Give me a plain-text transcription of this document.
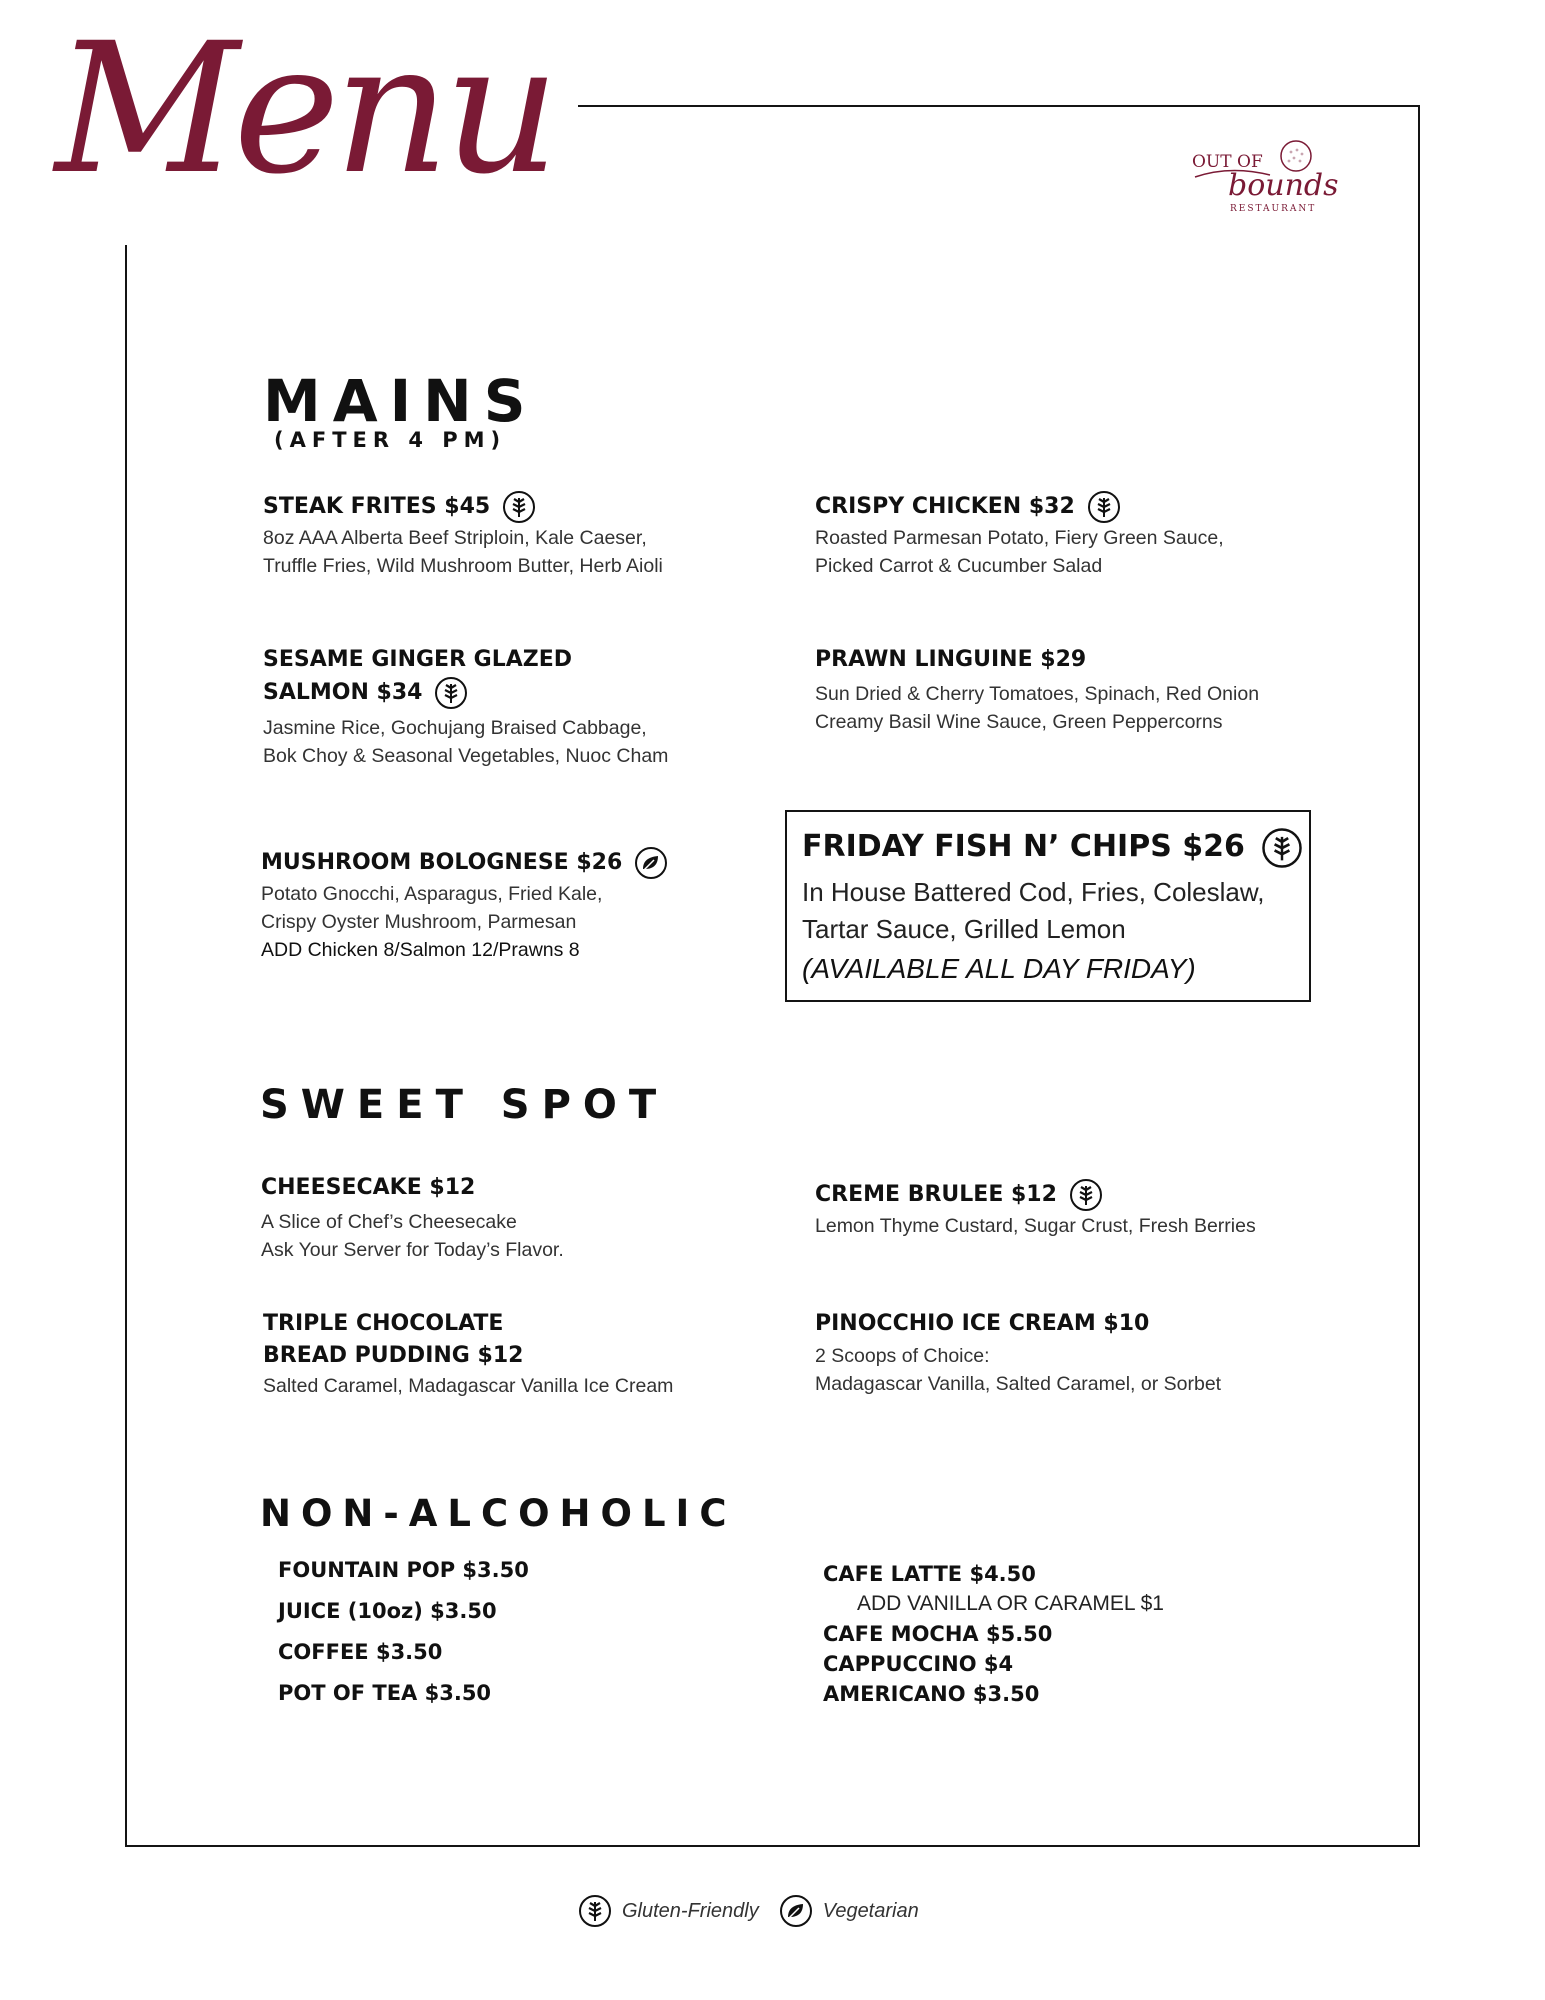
Menu	OUT OF
bounds
RESTAURANT
MAINS
(AFTER 4 PM)
STEAK FRITES $45
8oz AAA Alberta Beef Striploin, Kale Caeser,
Truffle Fries, Wild Mushroom Butter, Herb Aioli
CRISPY CHICKEN $32
Roasted Parmesan Potato, Fiery Green Sauce,
Picked Carrot & Cucumber Salad
SESAME GINGER GLAZED
SALMON $34
Jasmine Rice, Gochujang Braised Cabbage,
Bok Choy & Seasonal Vegetables, Nuoc Cham
PRAWN LINGUINE $29
Sun Dried & Cherry Tomatoes, Spinach, Red Onion
Creamy Basil Wine Sauce, Green Peppercorns
MUSHROOM BOLOGNESE $26
Potato Gnocchi, Asparagus, Fried Kale,
Crispy Oyster Mushroom, Parmesan
ADD Chicken 8/Salmon 12/Prawns 8
FRIDAY FISH N’ CHIPS $26
In House Battered Cod, Fries, Coleslaw,
Tartar Sauce, Grilled Lemon
(AVAILABLE ALL DAY FRIDAY)
SWEET SPOT
CHEESECAKE $12
A Slice of Chef’s Cheesecake
Ask Your Server for Today’s Flavor.
CREME BRULEE $12
Lemon Thyme Custard, Sugar Crust, Fresh Berries
TRIPLE CHOCOLATE
BREAD PUDDING $12
Salted Caramel, Madagascar Vanilla Ice Cream
PINOCCHIO ICE CREAM $10
2 Scoops of Choice:
Madagascar Vanilla, Salted Caramel, or Sorbet
NON-ALCOHOLIC
FOUNTAIN POP $3.50
JUICE (10oz) $3.50
COFFEE $3.50
POT OF TEA $3.50
CAFE LATTE $4.50
ADD VANILLA OR CARAMEL $1
CAFE MOCHA $5.50
CAPPUCCINO $4
AMERICANO $3.50
Gluten-Friendly	Vegetarian
